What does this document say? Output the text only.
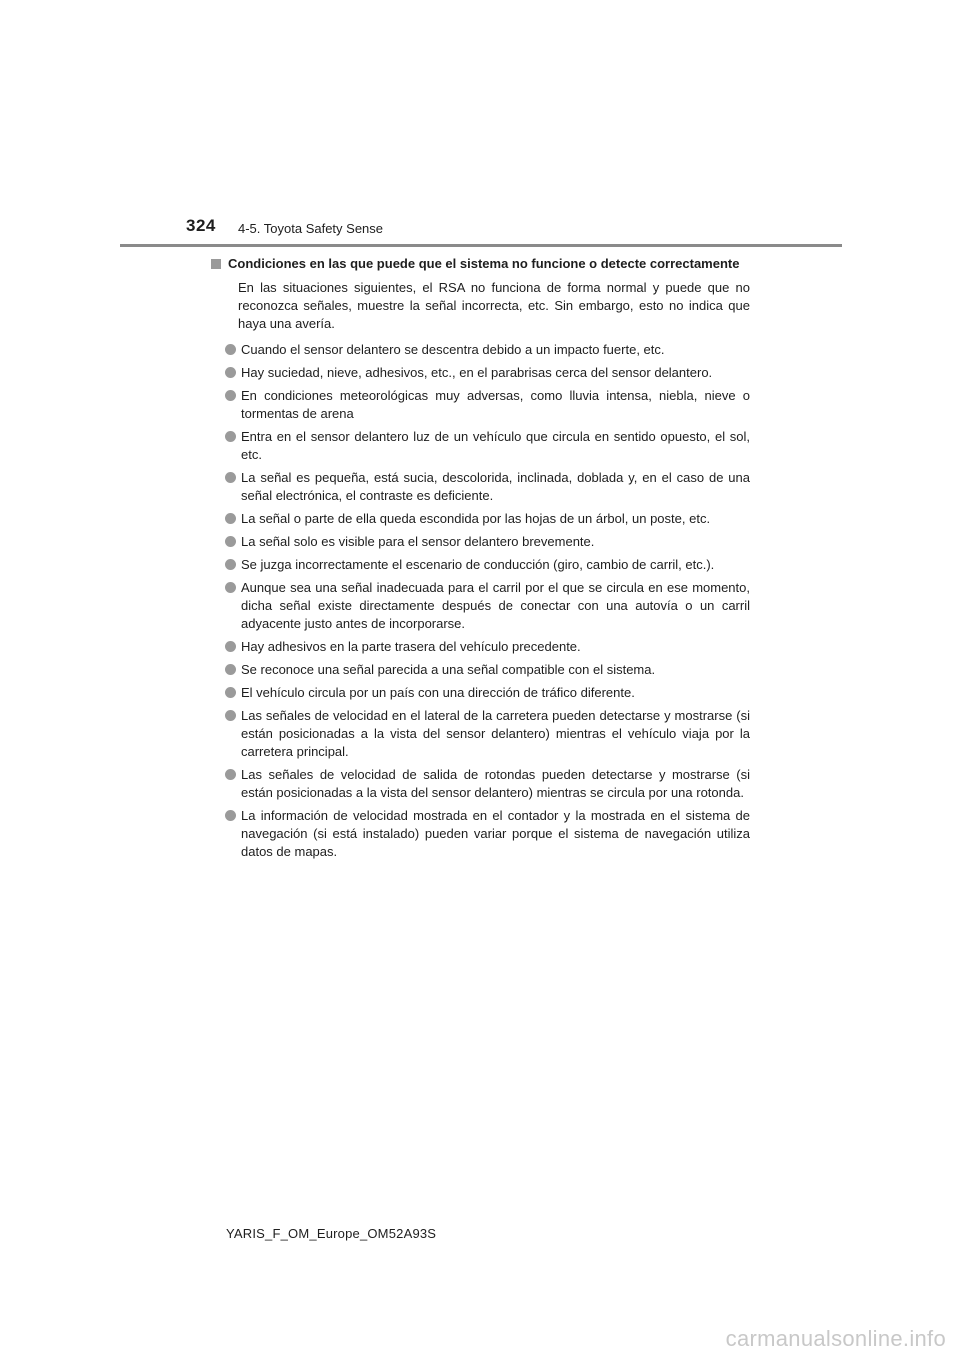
324 4-5. Toyota Safety Sense
Condiciones en las que puede que el sistema no funcione o detecte correctamente

En las situaciones siguientes, el RSA no funciona de forma normal y puede que no reconozca señales, muestre la señal incorrecta, etc. Sin embargo, esto no indica que haya una avería.

Cuando el sensor delantero se descentra debido a un impacto fuerte, etc.
Hay suciedad, nieve, adhesivos, etc., en el parabrisas cerca del sensor delantero.
En condiciones meteorológicas muy adversas, como lluvia intensa, niebla, nieve o tormentas de arena
Entra en el sensor delantero luz de un vehículo que circula en sentido opuesto, el sol, etc.
La señal es pequeña, está sucia, descolorida, inclinada, doblada y, en el caso de una señal electrónica, el contraste es deficiente.
La señal o parte de ella queda escondida por las hojas de un árbol, un poste, etc.
La señal solo es visible para el sensor delantero brevemente.
Se juzga incorrectamente el escenario de conducción (giro, cambio de carril, etc.).
Aunque sea una señal inadecuada para el carril por el que se circula en ese momento, dicha señal existe directamente después de conectar con una autovía o un carril adyacente justo antes de incorporarse.
Hay adhesivos en la parte trasera del vehículo precedente.
Se reconoce una señal parecida a una señal compatible con el sistema.
El vehículo circula por un país con una dirección de tráfico diferente.
Las señales de velocidad en el lateral de la carretera pueden detectarse y mostrarse (si están posicionadas a la vista del sensor delantero) mientras el vehículo viaja por la carretera principal.
Las señales de velocidad de salida de rotondas pueden detectarse y mostrarse (si están posicionadas a la vista del sensor delantero) mientras se circula por una rotonda.
La información de velocidad mostrada en el contador y la mostrada en el sistema de navegación (si está instalado) pueden variar porque el sistema de navegación utiliza datos de mapas.
YARIS_F_OM_Europe_OM52A93S
carmanualsonline.info
